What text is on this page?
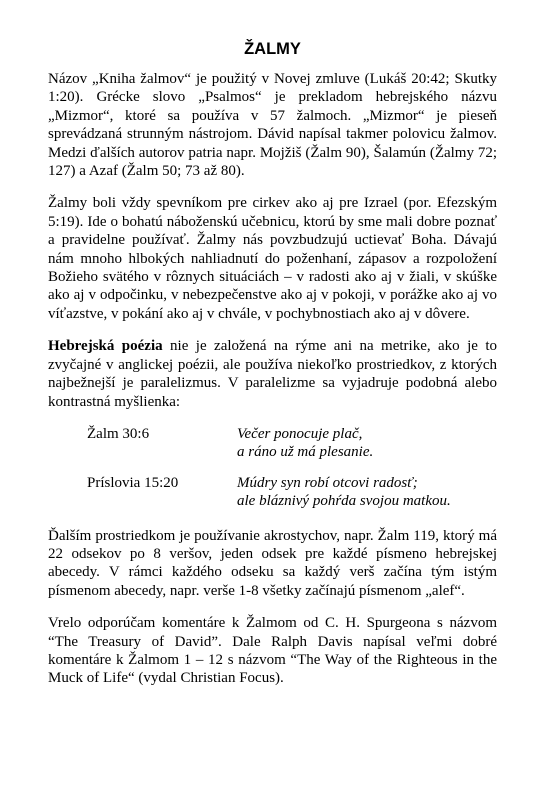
ŽALMY

Názov „Kniha žalmov“ je použitý v Novej zmluve (Lukáš 20:42; Skutky 1:20). Grécke slovo „Psalmos“ je prekladom hebrejského názvu „Mizmor“, ktoré sa používa v 57 žalmoch. „Mizmor“ je pieseň sprevádzaná strunným nástrojom. Dávid napísal takmer polovicu žalmov. Medzi ďalších autorov patria napr. Mojžiš (Žalm 90), Šalamún (Žalmy 72; 127) a Azaf (Žalm 50; 73 až 80).

Žalmy boli vždy spevníkom pre cirkev ako aj pre Izrael (por. Efezským 5:19). Ide o bohatú náboženskú učebnicu, ktorú by sme mali dobre poznať a pravidelne používať. Žalmy nás povzbudzujú uctievať Boha. Dávajú nám mnoho hlbokých nahliadnutí do poženhaní, zápasov a rozpoložení Božieho svätého v rôznych situáciách – v radosti ako aj v žiali, v skúške ako aj v odpočinku, v nebezpečenstve ako aj v pokoji, v porážke ako aj vo víťazstve, v pokání ako aj v chvále, v pochybnostiach ako aj v dôvere.

Hebrejská poézia nie je založená na rýme ani na metrike, ako je to zvyčajné v anglickej poézii, ale používa niekoľko prostriedkov, z ktorých najbežnejší je paralelizmus. V paralelizme sa vyjadruje podobná alebo kontrastná myšlienka:

Žalm 30:6	Večer ponocuje plač,
a ráno už má plesanie.
Príslovia 15:20	Múdry syn robí otcovi radosť;
ale bláznivý pohŕda svojou matkou.

Ďalším prostriedkom je používanie akrostychov, napr. Žalm 119, ktorý má 22 odsekov po 8 veršov, jeden odsek pre každé písmeno hebrejskej abecedy. V rámci každého odseku sa každý verš začína tým istým písmenom abecedy, napr. verše 1-8 všetky začínajú písmenom „alef“.

Vrelo odporúčam komentáre k Žalmom od C. H. Spurgeona s názvom “The Treasury of David”. Dale Ralph Davis napísal veľmi dobré komentáre k Žalmom 1 – 12 s názvom “The Way of the Righteous in the Muck of Life“ (vydal Christian Focus).
